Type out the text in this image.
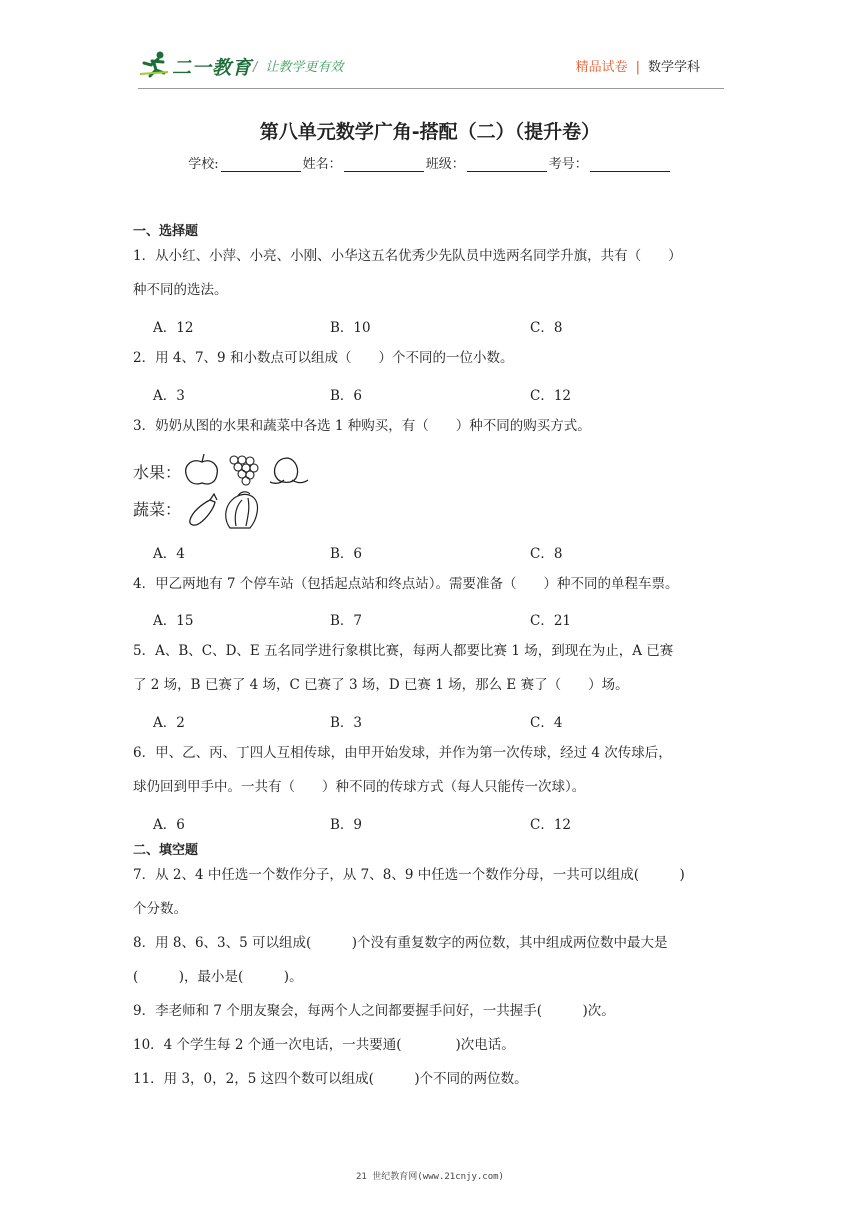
二一教育 / 让教学更有效	精品试卷 | 数学学科
第八单元数学广角-搭配（二）（提升卷）
学校:	姓名：	班级：	考号：
一、选择题
1．从小红、小萍、小亮、小刚、小华这五名优秀少先队员中选两名同学升旗，共有（　　）
种不同的选法。
A．12	B．10	C．8
2．用 4、7、9 和小数点可以组成（　　）个不同的一位小数。
A．3	B．6	C．12
3．奶奶从图的水果和蔬菜中各选 1 种购买，有（　　）种不同的购买方式。
水果：
蔬菜：
A．4	B．6	C．8
4．甲乙两地有 7 个停车站（包括起点站和终点站）。需要准备（　　）种不同的单程车票。
A．15	B．7	C．21
5．A、B、C、D、E 五名同学进行象棋比赛，每两人都要比赛 1 场，到现在为止，A 已赛
了 2 场，B 已赛了 4 场，C 已赛了 3 场，D 已赛 1 场，那么 E 赛了（　　）场。
A．2	B．3	C．4
6．甲、乙、丙、丁四人互相传球，由甲开始发球，并作为第一次传球，经过 4 次传球后，
球仍回到甲手中。一共有（　　）种不同的传球方式（每人只能传一次球）。
A．6	B．9	C．12
二、填空题
7．从 2、4 中任选一个数作分子，从 7、8、9 中任选一个数作分母，一共可以组成(　　　)
个分数。
8．用 8、6、3、5 可以组成(　　　)个没有重复数字的两位数，其中组成两位数中最大是
(　　　)，最小是(　　　)。
9．李老师和 7 个朋友聚会，每两个人之间都要握手问好，一共握手(　　　)次。
10．4 个学生每 2 个通一次电话，一共要通(　　　　)次电话。
11．用 3，0，2，5 这四个数可以组成(　　　)个不同的两位数。
21 世纪教育网(www.21cnjy.com)
